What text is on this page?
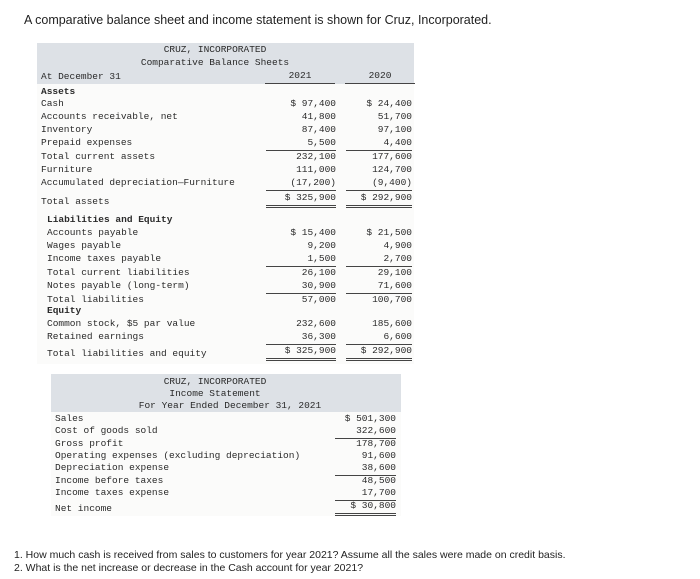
A comparative balance sheet and income statement is shown for Cruz, Incorporated.
CRUZ, INCORPORATED
Comparative Balance Sheets
At December 31	2021	2020
Assets
Cash	$ 97,400	$ 24,400
Accounts receivable, net	41,800	51,700
Inventory	87,400	97,100
Prepaid expenses	5,500	4,400
Total current assets	232,100	177,600
Furniture	111,000	124,700
Accumulated depreciation—Furniture	(17,200)	(9,400)
Total assets	$ 325,900	$ 292,900
Liabilities and Equity
Accounts payable	$ 15,400	$ 21,500
Wages payable	9,200	4,900
Income taxes payable	1,500	2,700
Total current liabilities	26,100	29,100
Notes payable (long-term)	30,900	71,600
Total liabilities	57,000	100,700
Equity
Common stock, $5 par value	232,600	185,600
Retained earnings	36,300	6,600
Total liabilities and equity	$ 325,900	$ 292,900
CRUZ, INCORPORATED
Income Statement
For Year Ended December 31, 2021
Sales	$ 501,300
Cost of goods sold	322,600
Gross profit	178,700
Operating expenses (excluding depreciation)	91,600
Depreciation expense	38,600
Income before taxes	48,500
Income taxes expense	17,700
Net income	$ 30,800
1. How much cash is received from sales to customers for year 2021? Assume all the sales were made on credit basis.
2. What is the net increase or decrease in the Cash account for year 2021?
